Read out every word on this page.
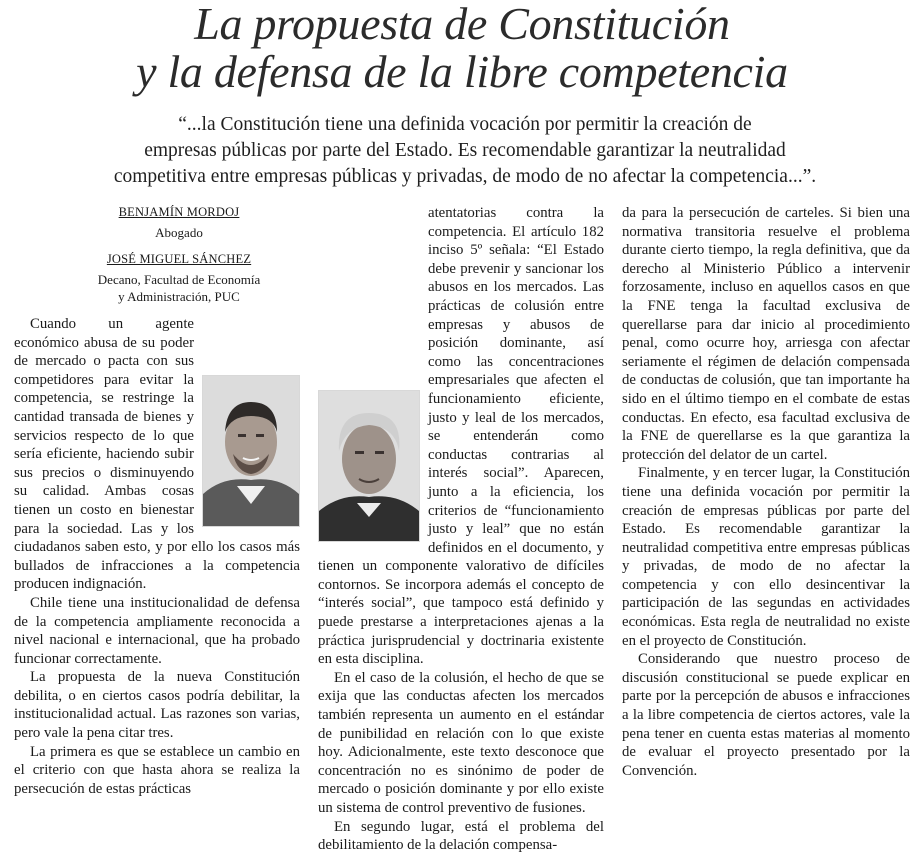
La propuesta de Constitución
y la defensa de la libre competencia
“...la Constitución tiene una definida vocación por permitir la creación de
empresas públicas por parte del Estado. Es recomendable garantizar la neutralidad
competitiva entre empresas públicas y privadas, de modo de no afectar la competencia...”.
BENJAMÍN MORDOJ
Abogado
JOSÉ MIGUEL SÁNCHEZ
Decano, Facultad de Economía
y Administración, PUC

Cuando un agente económico abusa de su poder de mercado o pacta con sus competidores para evitar la competencia, se restringe la cantidad transada de bienes y servicios respecto de lo que sería eficiente, haciendo subir sus precios o disminuyendo su calidad. Ambas cosas tienen un costo en bienestar para la sociedad. Las y los ciudadanos saben esto, y por ello los casos más bullados de infracciones a la competencia producen indignación.

Chile tiene una institucionalidad de defensa de la competencia ampliamente reconocida a nivel nacional e internacional, que ha probado funcionar correctamente.

La propuesta de la nueva Constitución debilita, o en ciertos casos podría debilitar, la institucionalidad actual. Las razones son varias, pero vale la pena citar tres.

La primera es que se establece un cambio en el criterio con que hasta ahora se realiza la persecución de estas prácticas

atentatorias contra la competencia. El artículo 182 inciso 5º señala: “El Estado debe prevenir y sancionar los abusos en los mercados. Las prácticas de colusión entre empresas y abusos de posición dominante, así como las concentraciones empresariales que afecten el funcionamiento eficiente, justo y leal de los mercados, se entenderán como conductas contrarias al interés social”. Aparecen, junto a la eficiencia, los criterios de “funcionamiento justo y leal” que no están definidos en el documento, y tienen un componente valorativo de difíciles contornos. Se incorpora además el concepto de “interés social”, que tampoco está definido y puede prestarse a interpretaciones ajenas a la práctica jurisprudencial y doctrinaria existente en esta disciplina.

En el caso de la colusión, el hecho de que se exija que las conductas afecten los mercados también representa un aumento en el estándar de punibilidad en relación con lo que existe hoy. Adicionalmente, este texto desconoce que concentración no es sinónimo de poder de mercado o posición dominante y por ello existe un sistema de control preventivo de fusiones.

En segundo lugar, está el problema del debilitamiento de la delación compensa-

da para la persecución de carteles. Si bien una normativa transitoria resuelve el problema durante cierto tiempo, la regla definitiva, que da derecho al Ministerio Público a intervenir forzosamente, incluso en aquellos casos en que la FNE tenga la facultad exclusiva de querellarse para dar inicio al procedimiento penal, como ocurre hoy, arriesga con afectar seriamente el régimen de delación compensada de conductas de colusión, que tan importante ha sido en el último tiempo en el combate de estas conductas. En efecto, esa facultad exclusiva de la FNE de querellarse es la que garantiza la protección del delator de un cartel.

Finalmente, y en tercer lugar, la Constitución tiene una definida vocación por permitir la creación de empresas públicas por parte del Estado. Es recomendable garantizar la neutralidad competitiva entre empresas públicas y privadas, de modo de no afectar la competencia y con ello desincentivar la participación de las segundas en actividades económicas. Esta regla de neutralidad no existe en el proyecto de Constitución.

Considerando que nuestro proceso de discusión constitucional se puede explicar en parte por la percepción de abusos e infracciones a la libre competencia de ciertos actores, vale la pena tener en cuenta estas materias al momento de evaluar el proyecto presentado por la Convención.
